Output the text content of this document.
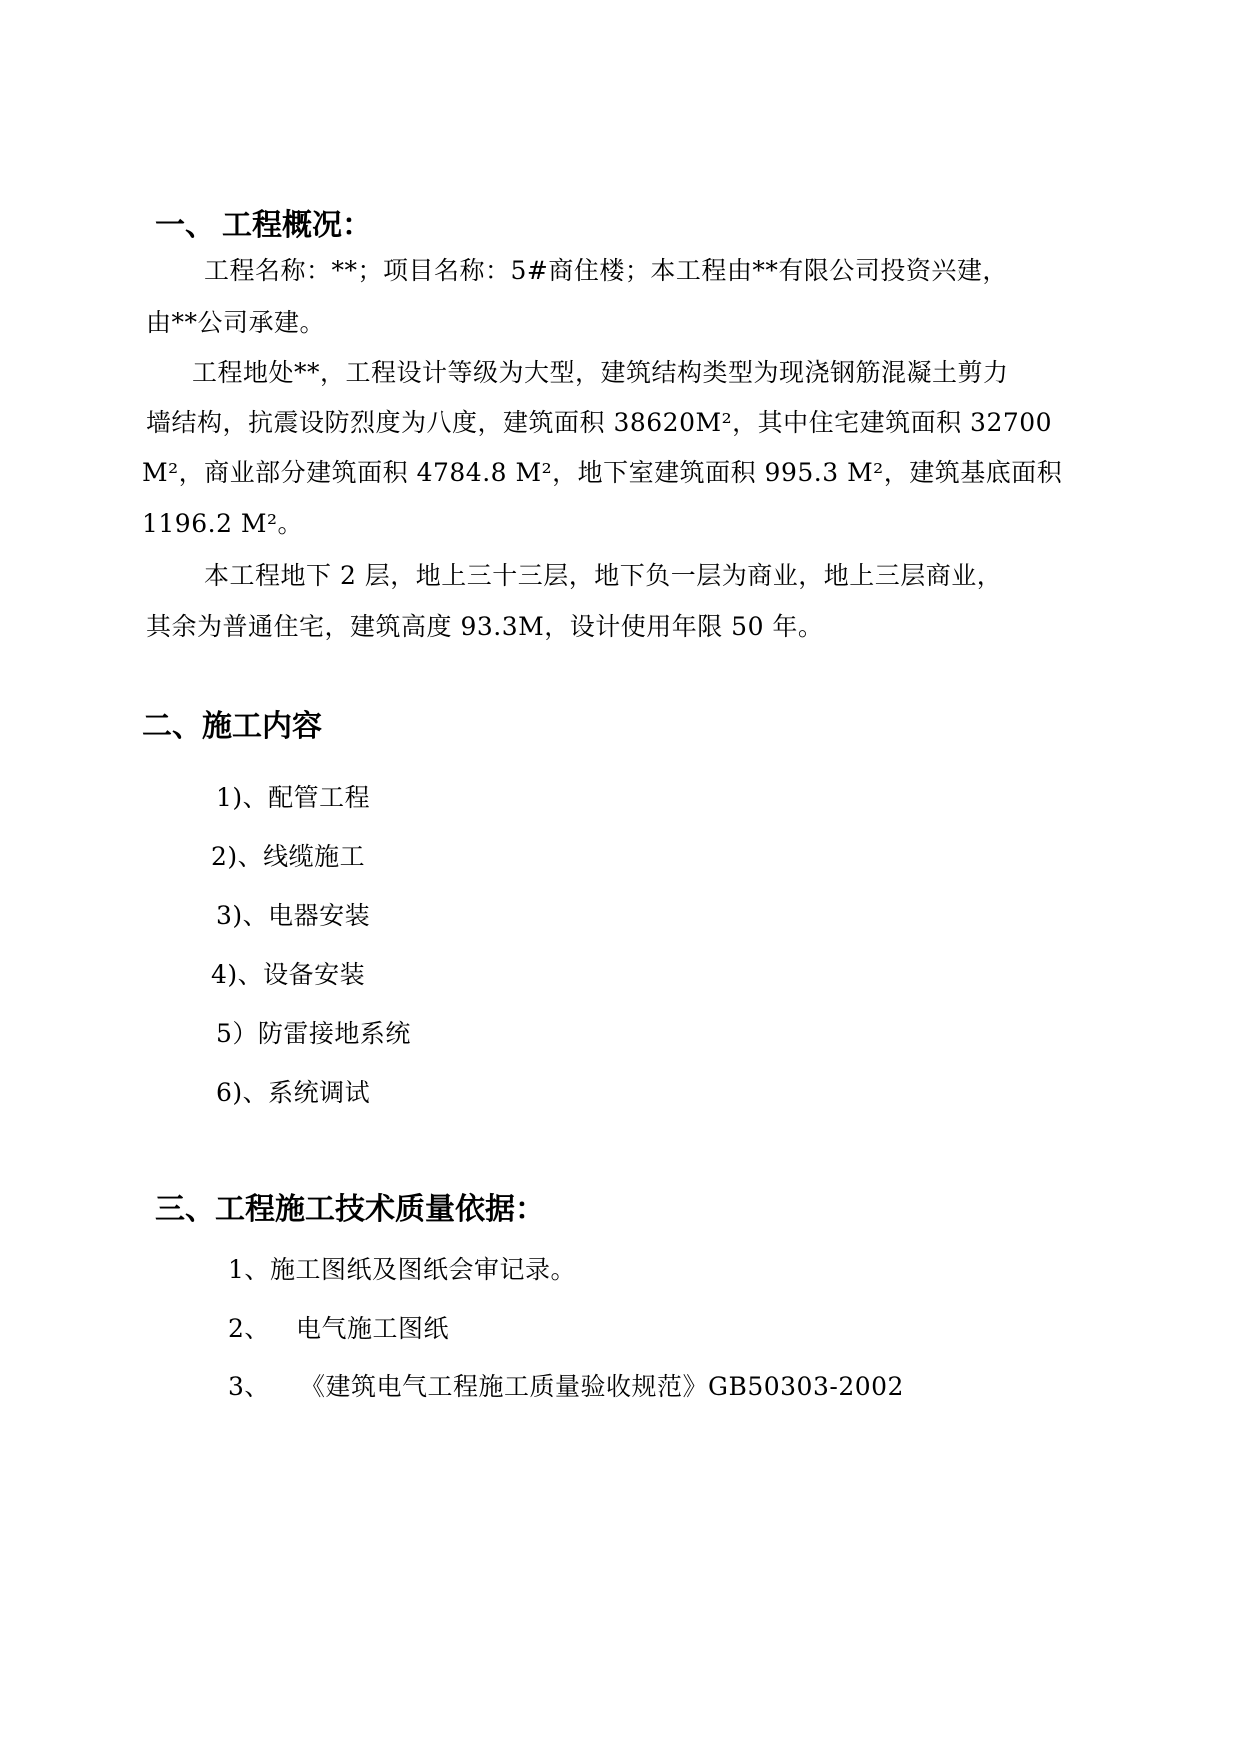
一、 工程概况：
工程名称：**；项目名称：5#商住楼；本工程由**有限公司投资兴建，
由**公司承建。
工程地处**，工程设计等级为大型，建筑结构类型为现浇钢筋混凝土剪力
墙结构，抗震设防烈度为八度，建筑面积 38620M²，其中住宅建筑面积 32700
M²，商业部分建筑面积 4784.8 M²，地下室建筑面积 995.3 M²，建筑基底面积
1196.2 M²。
本工程地下 2 层，地上三十三层，地下负一层为商业，地上三层商业，
其余为普通住宅，建筑高度 93.3M，设计使用年限 50 年。
二、施工内容
1)、配管工程
2)、线缆施工
3)、电器安装
4)、设备安装
5）防雷接地系统
6)、系统调试
三、工程施工技术质量依据：
1、 施工图纸及图纸会审记录。
2、 电气施工图纸
3、 《建筑电气工程施工质量验收规范》GB50303-2002
